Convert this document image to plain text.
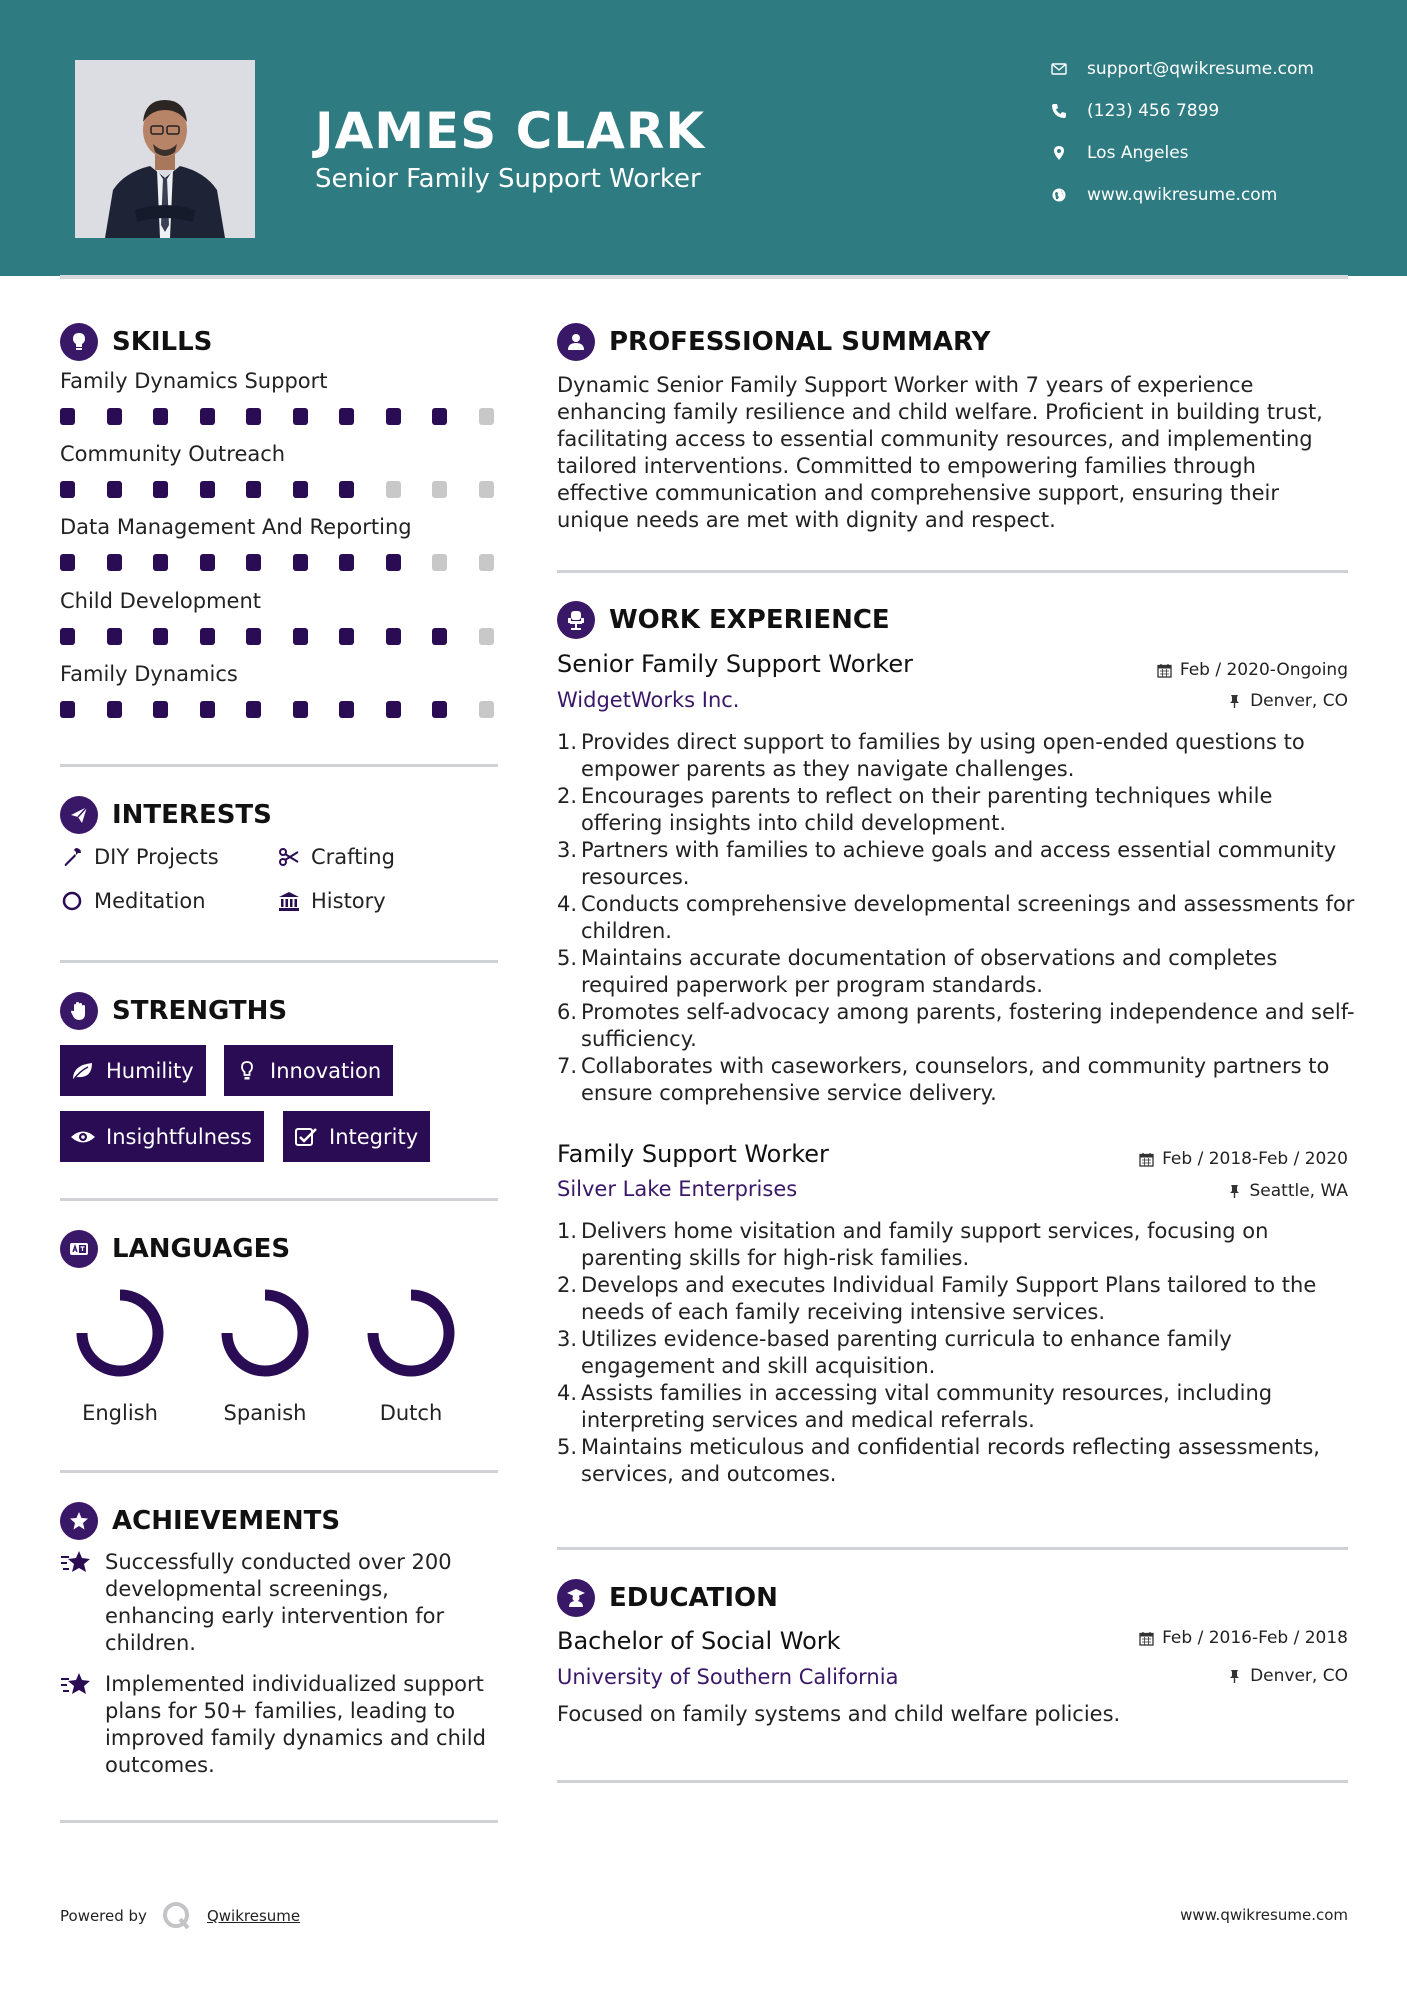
JAMES CLARK
Senior Family Support Worker
support@qwikresume.com
(123) 456 7899
Los Angeles
www.qwikresume.com
SKILLS
Family Dynamics Support
Community Outreach
Data Management And Reporting
Child Development
Family Dynamics
INTERESTS
DIY Projects	Crafting
Meditation	History
STRENGTHS
Humility	Innovation
Insightfulness	Integrity
LANGUAGES
English	Spanish	Dutch
ACHIEVEMENTS
Successfully conducted over 200 developmental screenings, enhancing early intervention for children.
Implemented individualized support plans for 50+ families, leading to improved family dynamics and child outcomes.
PROFESSIONAL SUMMARY
Dynamic Senior Family Support Worker with 7 years of experience enhancing family resilience and child welfare. Proficient in building trust, facilitating access to essential community resources, and implementing tailored interventions. Committed to empowering families through effective communication and comprehensive support, ensuring their unique needs are met with dignity and respect.
WORK EXPERIENCE
Senior Family Support Worker	Feb / 2020-Ongoing
WidgetWorks Inc.	Denver, CO
1. Provides direct support to families by using open-ended questions to empower parents as they navigate challenges.
2. Encourages parents to reflect on their parenting techniques while offering insights into child development.
3. Partners with families to achieve goals and access essential community resources.
4. Conducts comprehensive developmental screenings and assessments for children.
5. Maintains accurate documentation of observations and completes required paperwork per program standards.
6. Promotes self-advocacy among parents, fostering independence and self-sufficiency.
7. Collaborates with caseworkers, counselors, and community partners to ensure comprehensive service delivery.
Family Support Worker	Feb / 2018-Feb / 2020
Silver Lake Enterprises	Seattle, WA
1. Delivers home visitation and family support services, focusing on parenting skills for high-risk families.
2. Develops and executes Individual Family Support Plans tailored to the needs of each family receiving intensive services.
3. Utilizes evidence-based parenting curricula to enhance family engagement and skill acquisition.
4. Assists families in accessing vital community resources, including interpreting services and medical referrals.
5. Maintains meticulous and confidential records reflecting assessments, services, and outcomes.
EDUCATION
Bachelor of Social Work	Feb / 2016-Feb / 2018
University of Southern California	Denver, CO
Focused on family systems and child welfare policies.
Powered by	Qwikresume	www.qwikresume.com
